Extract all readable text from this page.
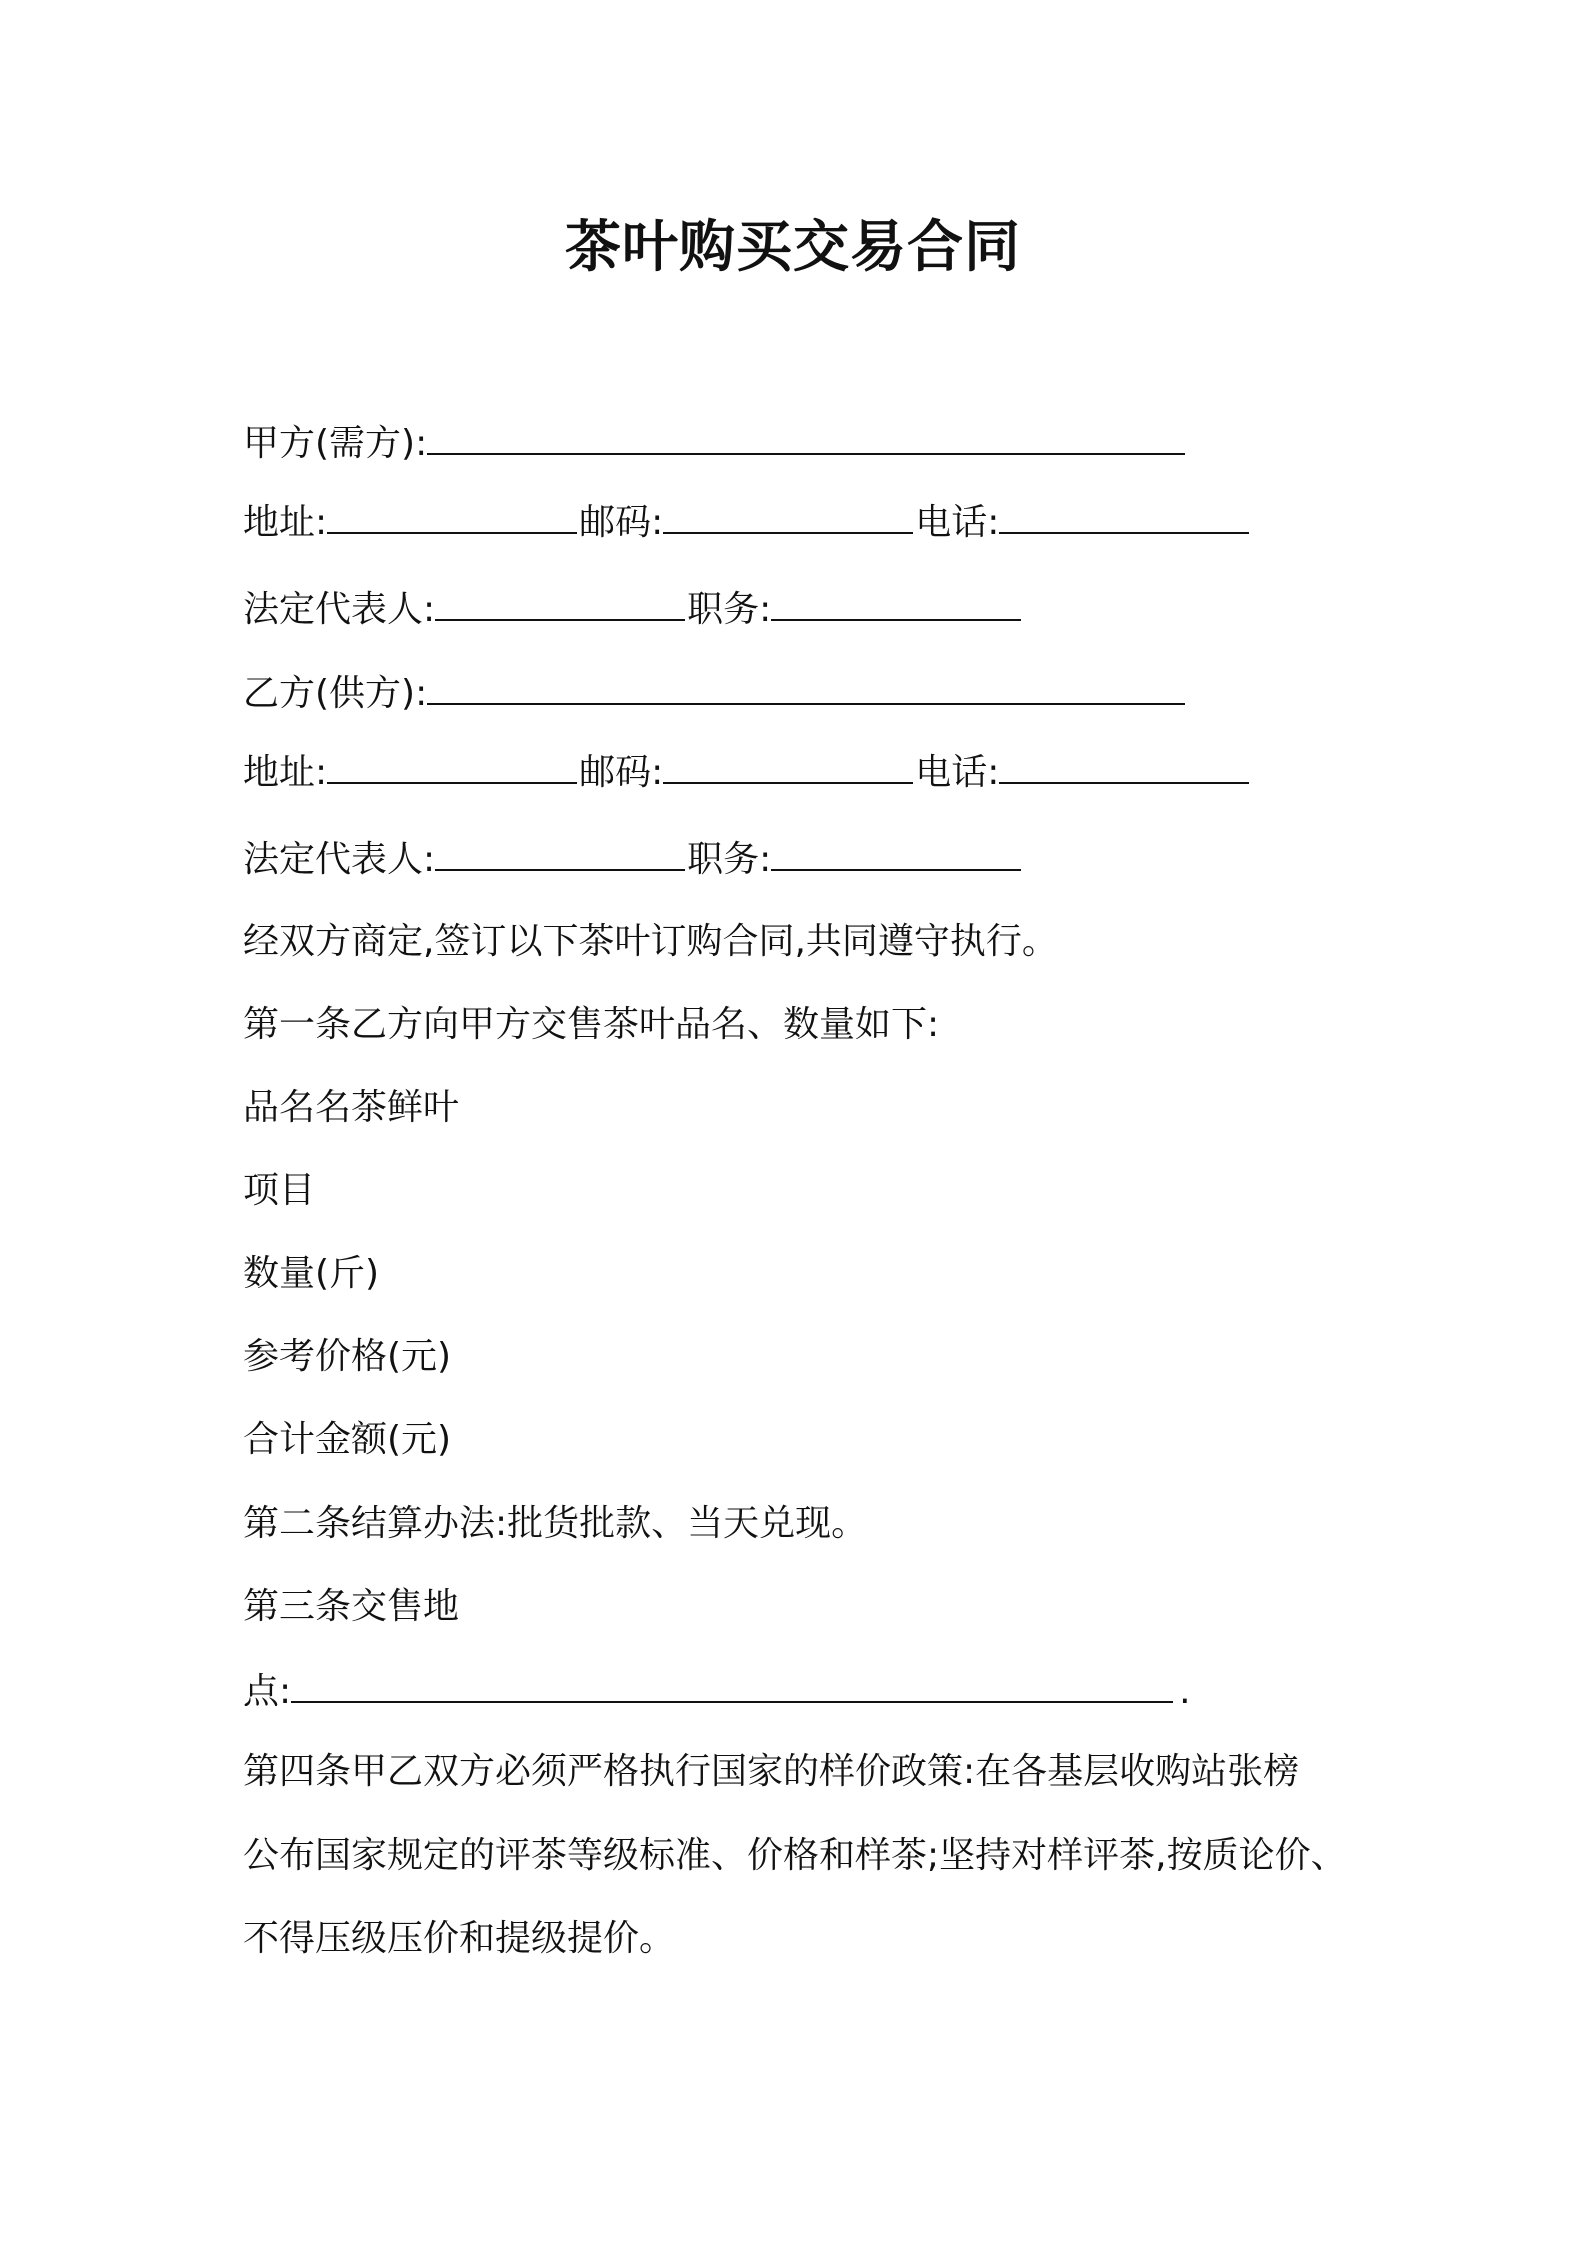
茶叶购买交易合同
甲方(需方):
地址:	邮码:	电话:
法定代表人:	职务:
乙方(供方):
地址:	邮码:	电话:
法定代表人:	职务:
经双方商定,签订以下茶叶订购合同,共同遵守执行。
第一条乙方向甲方交售茶叶品名、数量如下:
品名名茶鲜叶
项目
数量(斤)
参考价格(元)
合计金额(元)
第二条结算办法:批货批款、当天兑现。
第三条交售地
点:	.
第四条甲乙双方必须严格执行国家的样价政策:在各基层收购站张榜
公布国家规定的评茶等级标准、价格和样茶;坚持对样评茶,按质论价、
不得压级压价和提级提价。
